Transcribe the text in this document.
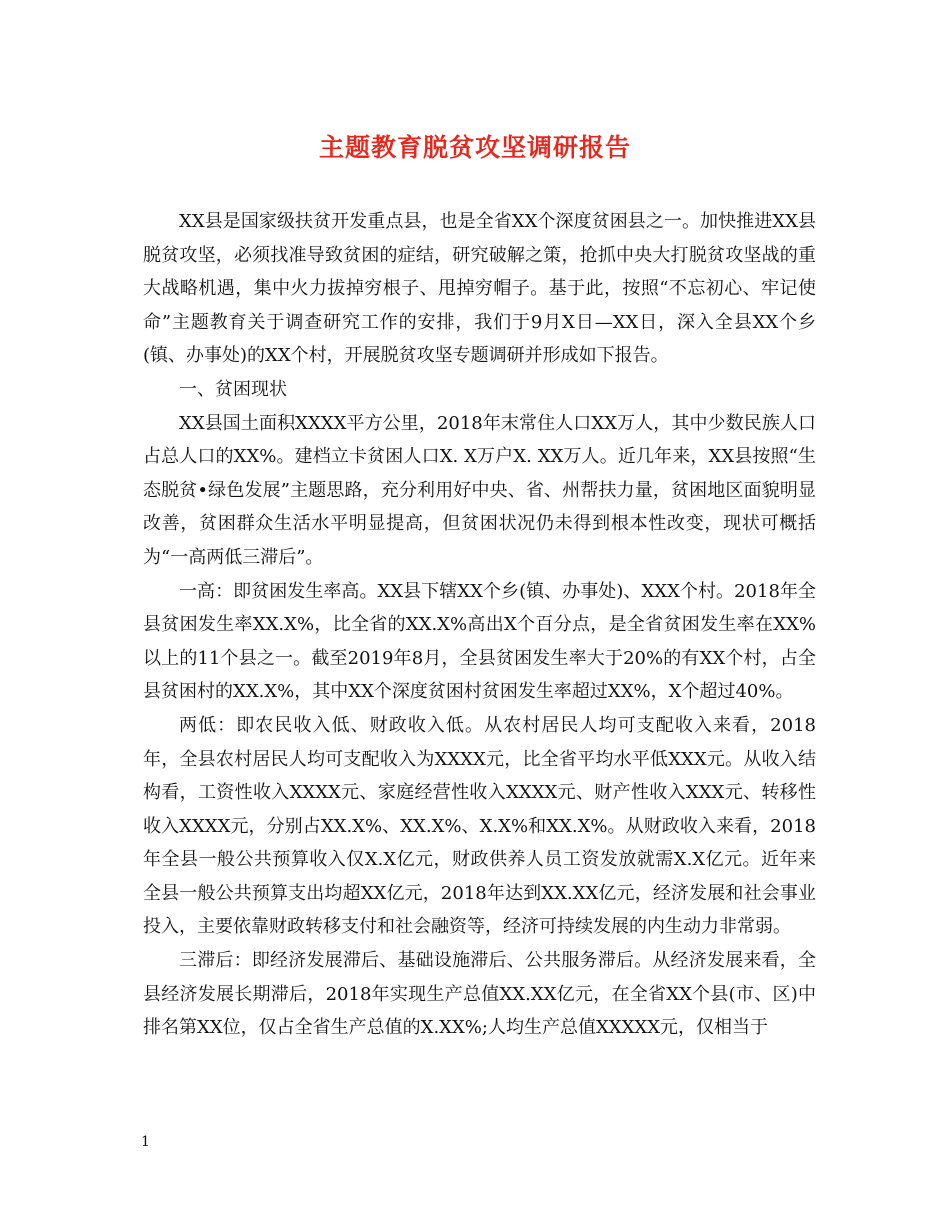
主题教育脱贫攻坚调研报告

XX县是国家级扶贫开发重点县，也是全省XX个深度贫困县之一。加快推进XX县脱贫攻坚，必须找准导致贫困的症结，研究破解之策，抢抓中央大打脱贫攻坚战的重大战略机遇，集中火力拔掉穷根子、甩掉穷帽子。基于此，按照“不忘初心、牢记使命”主题教育关于调查研究工作的安排，我们于9月X日—XX日，深入全县XX个乡(镇、办事处)的XX个村，开展脱贫攻坚专题调研并形成如下报告。

一、贫困现状

XX县国土面积XXXX平方公里，2018年末常住人口XX万人，其中少数民族人口占总人口的XX%。建档立卡贫困人口X. X万户X. XX万人。近几年来，XX县按照“生态脱贫•绿色发展”主题思路，充分利用好中央、省、州帮扶力量，贫困地区面貌明显改善，贫困群众生活水平明显提高，但贫困状况仍未得到根本性改变，现状可概括为“一高两低三滞后”。

一高：即贫困发生率高。XX县下辖XX个乡(镇、办事处)、XXX个村。2018年全县贫困发生率XX.X%，比全省的XX.X%高出X个百分点，是全省贫困发生率在XX%以上的11个县之一。截至2019年8月，全县贫困发生率大于20%的有XX个村，占全县贫困村的XX.X%，其中XX个深度贫困村贫困发生率超过XX%，X个超过40%。

两低：即农民收入低、财政收入低。从农村居民人均可支配收入来看，2018年，全县农村居民人均可支配收入为XXXX元，比全省平均水平低XXX元。从收入结构看，工资性收入XXXX元、家庭经营性收入XXXX元、财产性收入XXX元、转移性收入XXXX元，分别占XX.X%、XX.X%、X.X%和XX.X%。从财政收入来看，2018年全县一般公共预算收入仅X.X亿元，财政供养人员工资发放就需X.X亿元。近年来全县一般公共预算支出均超XX亿元，2018年达到XX.XX亿元，经济发展和社会事业投入，主要依靠财政转移支付和社会融资等，经济可持续发展的内生动力非常弱。

三滞后：即经济发展滞后、基础设施滞后、公共服务滞后。从经济发展来看，全县经济发展长期滞后，2018年实现生产总值XX.XX亿元，在全省XX个县(市、区)中排名第XX位，仅占全省生产总值的X.XX%;人均生产总值XXXXX元，仅相当于

1
